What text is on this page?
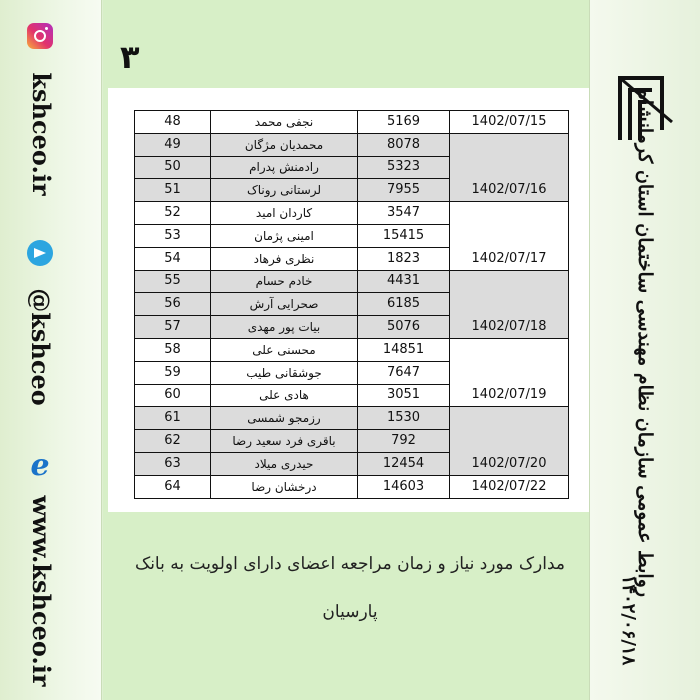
kshceo.ir
@kshceo
e
www.kshceo.ir
۳
48	نجفی محمد	5169	1402/07/15
49	محمدیان مژگان	8078	1402/07/16
50	رادمنش پدرام	5323	
51	لرستانی روناک	7955	
52	کاردان امید	3547	1402/07/17
53	امینی پژمان	15415	
54	نظری فرهاد	1823	
55	خادم حسام	4431	1402/07/18
56	صحرایی آرش	6185	
57	بیات پور مهدی	5076	
58	محسنی علی	14851	1402/07/19
59	جوشقانی طیب	7647	
60	هادی علی	3051	
61	رزمجو شمسی	1530	1402/07/20
62	باقری فرد سعید رضا	792	
63	حیدری میلاد	12454	
64	درخشان رضا	14603	1402/07/22
مدارک مورد نیاز و زمان مراجعه اعضای دارای اولویت به بانک پارسیان
روابط عمومی سازمان نظام مهندسی ساختمان استان کرمانشاه
۱۴۰۲/۰۶/۱۸
